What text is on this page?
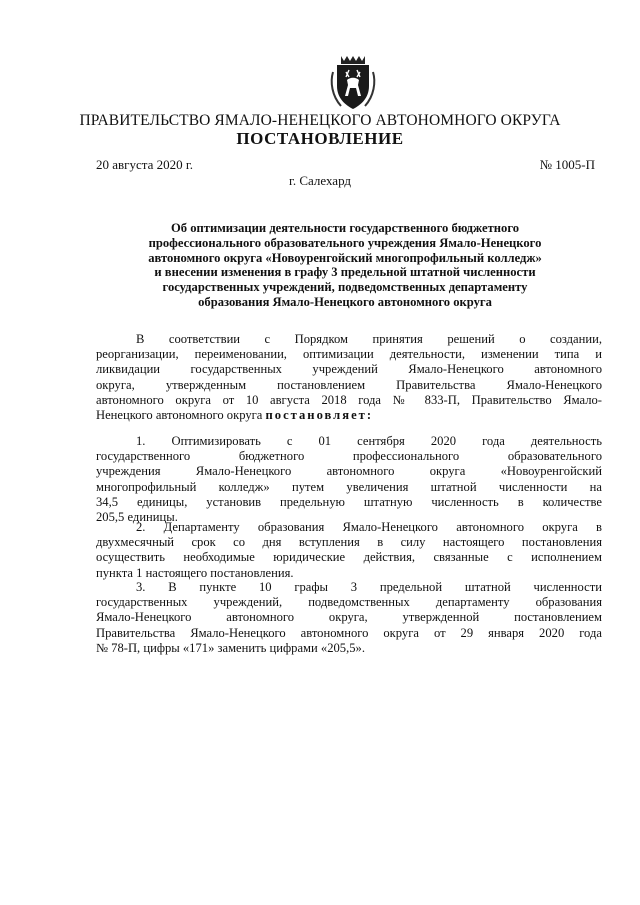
ПРАВИТЕЛЬСТВО ЯМАЛО-НЕНЕЦКОГО АВТОНОМНОГО ОКРУГА
ПОСТАНОВЛЕНИЕ
20 августа 2020 г.	№ 1005-П
г. Салехард
Об оптимизации деятельности государственного бюджетного
профессионального образовательного учреждения Ямало-Ненецкого
автономного округа «Новоуренгойский многопрофильный колледж»
и внесении изменения в графу 3 предельной штатной численности
государственных учреждений, подведомственных департаменту
образования Ямало-Ненецкого автономного округа
В соответствии с Порядком принятия решений о создании,
реорганизации, переименовании, оптимизации деятельности, изменении типа и
ликвидации государственных учреждений Ямало-Ненецкого автономного
округа, утвержденным постановлением Правительства Ямало-Ненецкого
автономного округа от 10 августа 2018 года № 833-П, Правительство Ямало-
Ненецкого автономного округа постановляет:
1. Оптимизировать с 01 сентября 2020 года деятельность
государственного бюджетного профессионального образовательного
учреждения Ямало-Ненецкого автономного округа «Новоуренгойский
многопрофильный колледж» путем увеличения штатной численности на
34,5 единицы, установив предельную штатную численность в количестве
205,5 единицы.
2. Департаменту образования Ямало-Ненецкого автономного округа в
двухмесячный срок со дня вступления в силу настоящего постановления
осуществить необходимые юридические действия, связанные с исполнением
пункта 1 настоящего постановления.
3. В пункте 10 графы 3 предельной штатной численности
государственных учреждений, подведомственных департаменту образования
Ямало-Ненецкого автономного округа, утвержденной постановлением
Правительства Ямало-Ненецкого автономного округа от 29 января 2020 года
№ 78-П, цифры «171» заменить цифрами «205,5».
